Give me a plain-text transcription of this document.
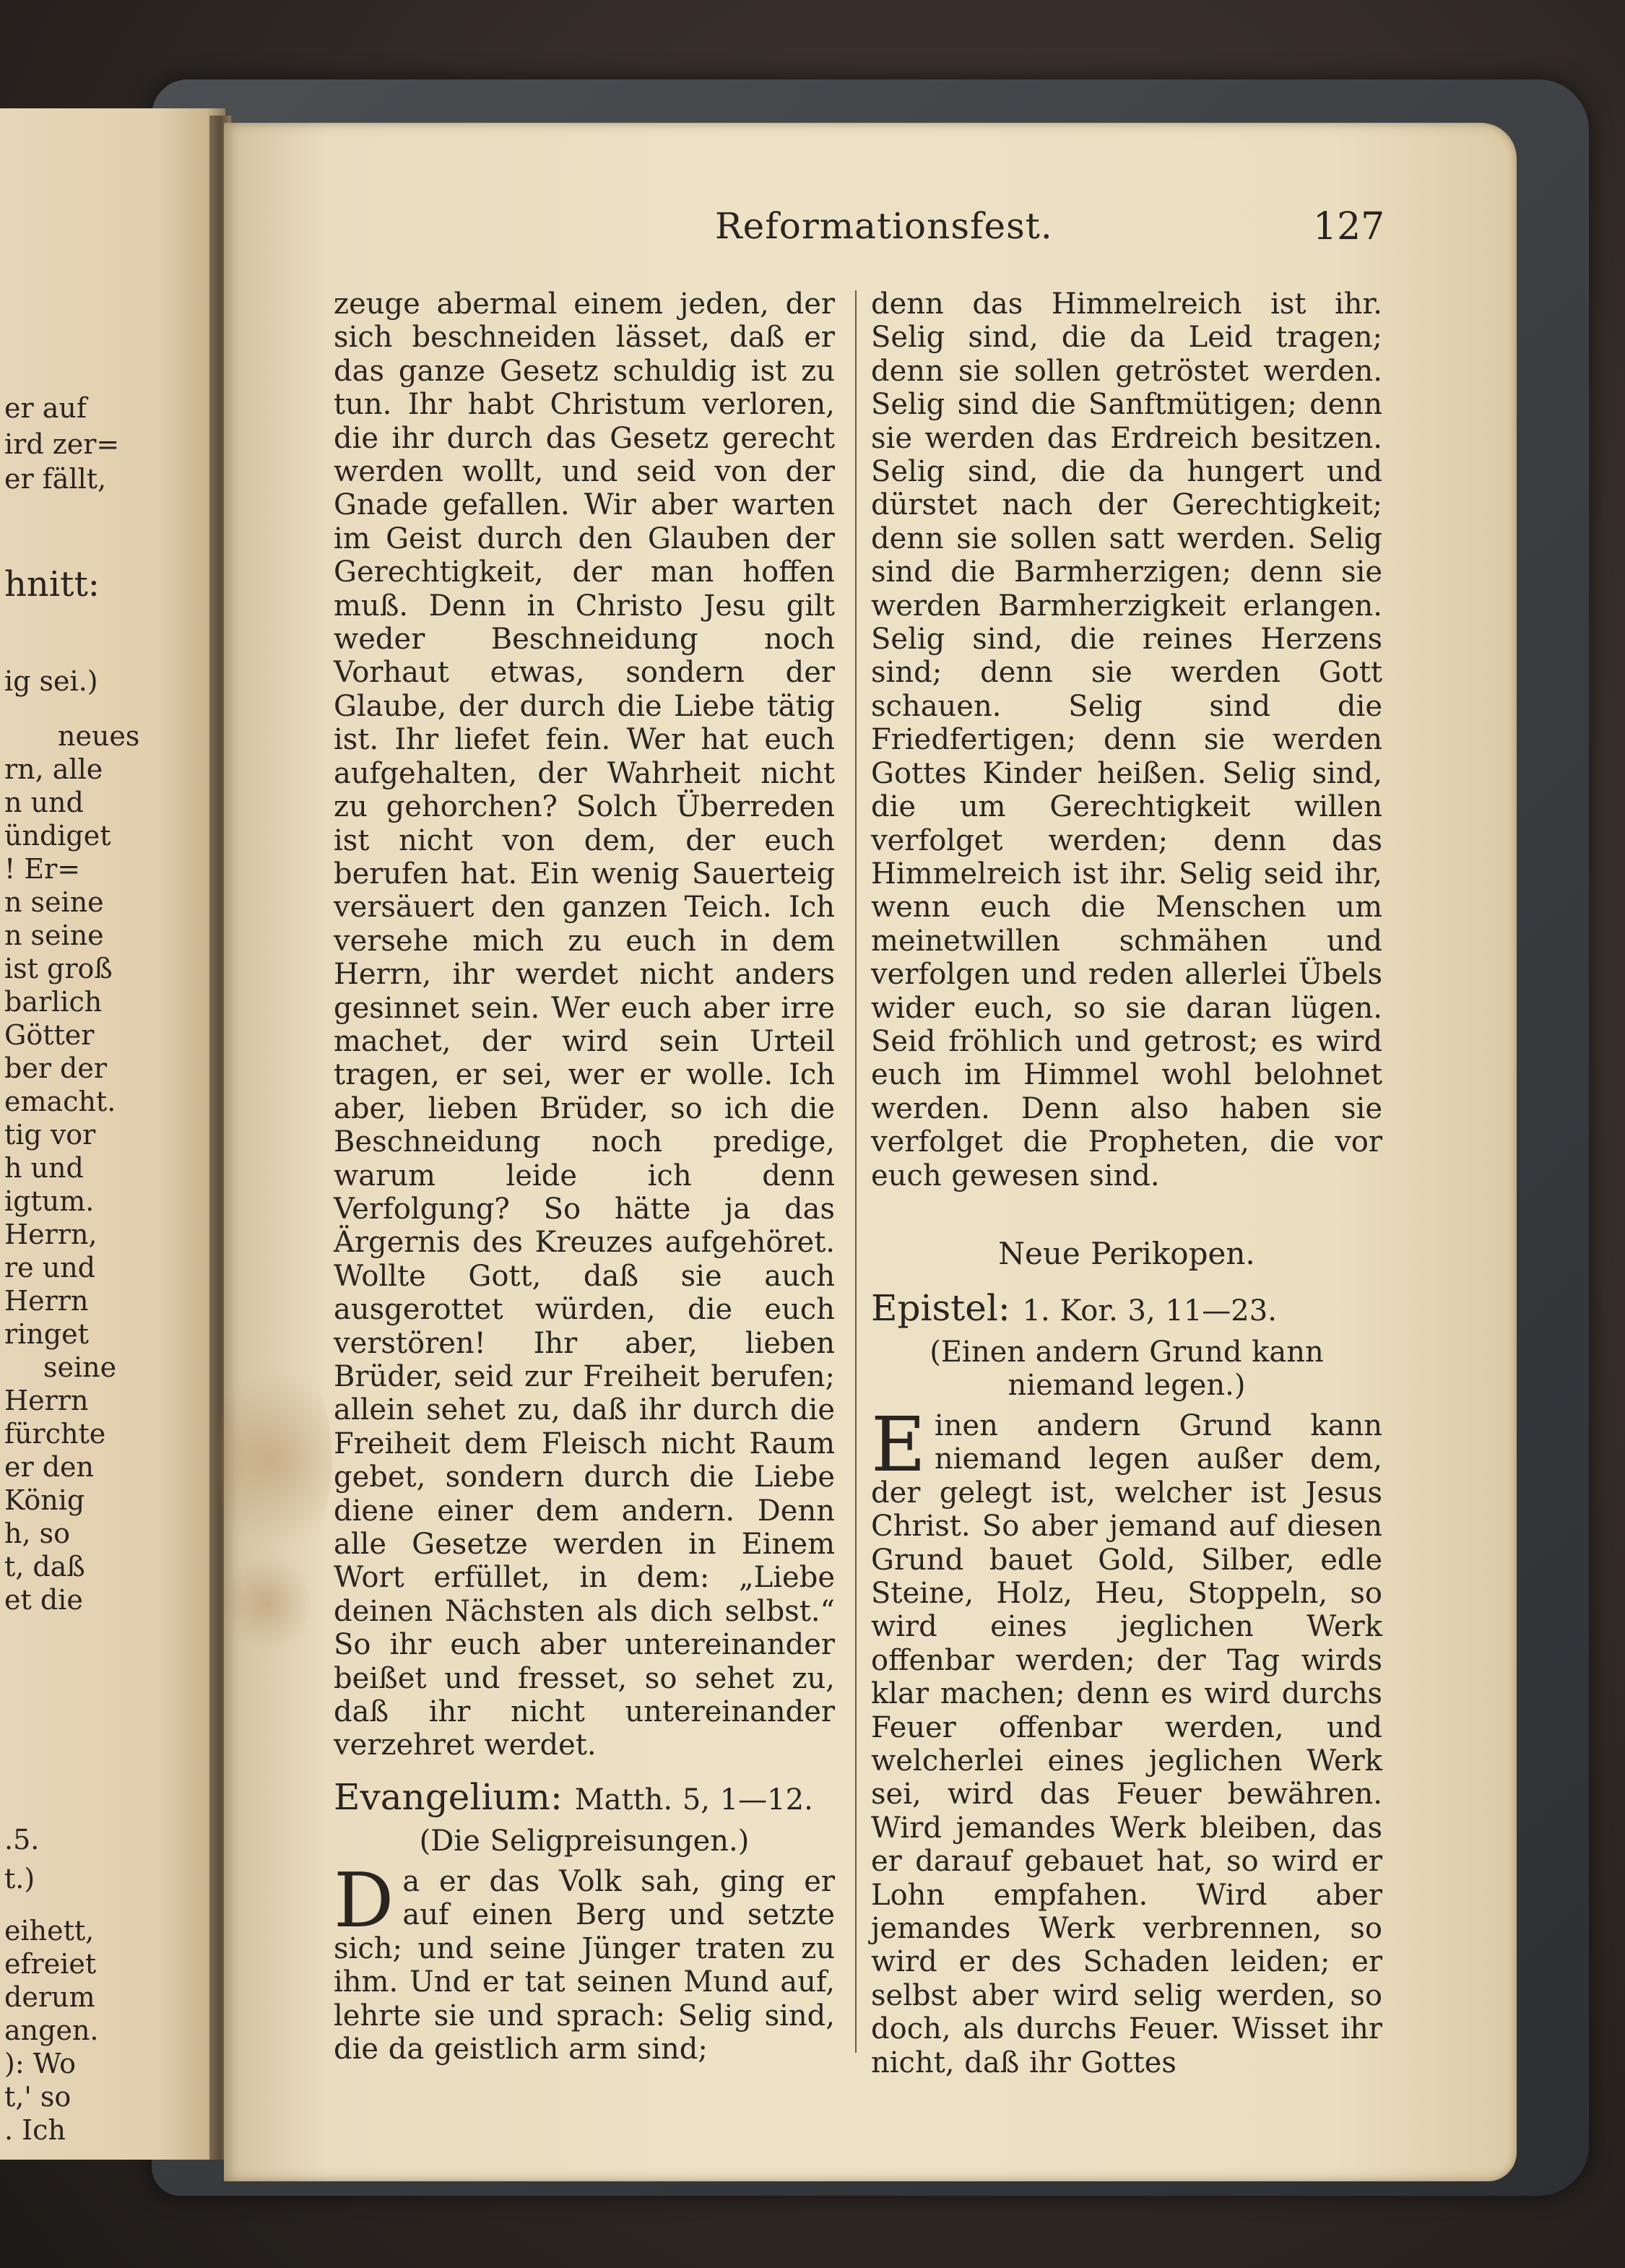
er auf
ird zer=
er fällt,
hnitt:
ig sei.)
neues
rn, alle
n und
ündiget
! Er=
n seine
n seine
ist groß
barlich
Götter
ber der
emacht.
tig vor
h und
igtum.
Herrn,
re und
Herrn
ringet
seine
Herrn
fürchte
er den
König
h, so
t, daß
et die
.5.
t.)
eihett,
efreiet
derum
angen.
): Wo
t,' so
. Ich
Reformationsfest.	127

zeuge abermal einem jeden, der sich beschneiden lässet, daß er das ganze Gesetz schuldig ist zu tun. Ihr habt Christum verloren, die ihr durch das Gesetz gerecht werden wollt, und seid von der Gnade gefallen. Wir aber warten im Geist durch den Glauben der Gerechtigkeit, der man hoffen muß. Denn in Christo Jesu gilt weder Beschneidung noch Vorhaut etwas, sondern der Glaube, der durch die Liebe tätig ist. Ihr liefet fein. Wer hat euch aufgehalten, der Wahrheit nicht zu gehorchen? Solch Überreden ist nicht von dem, der euch berufen hat. Ein wenig Sauerteig versäuert den ganzen Teich. Ich versehe mich zu euch in dem Herrn, ihr werdet nicht anders gesinnet sein. Wer euch aber irre machet, der wird sein Urteil tragen, er sei, wer er wolle. Ich aber, lieben Brüder, so ich die Beschneidung noch predige, warum leide ich denn Verfolgung? So hätte ja das Ärgernis des Kreuzes aufgehöret. Wollte Gott, daß sie auch ausgerottet würden, die euch verstören! Ihr aber, lieben Brüder, seid zur Freiheit berufen; allein sehet zu, daß ihr durch die Freiheit dem Fleisch nicht Raum gebet, sondern durch die Liebe diene einer dem andern. Denn alle Gesetze werden in Einem Wort erfüllet, in dem: „Liebe deinen Nächsten als dich selbst.“ So ihr euch aber untereinander beißet und fresset, so sehet zu, daß ihr nicht untereinander verzehret werdet.

Evangelium: Matth. 5, 1—12.
(Die Seligpreisungen.)

Da er das Volk sah, ging er auf einen Berg und setzte sich; und seine Jünger traten zu ihm. Und er tat seinen Mund auf, lehrte sie und sprach: Selig sind, die da geistlich arm sind;

denn das Himmelreich ist ihr. Selig sind, die da Leid tragen; denn sie sollen getröstet werden. Selig sind die Sanftmütigen; denn sie werden das Erdreich besitzen. Selig sind, die da hungert und dürstet nach der Gerechtigkeit; denn sie sollen satt werden. Selig sind die Barmherzigen; denn sie werden Barmherzigkeit erlangen. Selig sind, die reines Herzens sind; denn sie werden Gott schauen. Selig sind die Friedfertigen; denn sie werden Gottes Kinder heißen. Selig sind, die um Gerechtigkeit willen verfolget werden; denn das Himmelreich ist ihr. Selig seid ihr, wenn euch die Menschen um meinetwillen schmähen und verfolgen und reden allerlei Übels wider euch, so sie daran lügen. Seid fröhlich und getrost; es wird euch im Himmel wohl belohnet werden. Denn also haben sie verfolget die Propheten, die vor euch gewesen sind.

Neue Perikopen.
Epistel: 1. Kor. 3, 11—23.
(Einen andern Grund kann niemand legen.)

Einen andern Grund kann niemand legen außer dem, der gelegt ist, welcher ist Jesus Christ. So aber jemand auf diesen Grund bauet Gold, Silber, edle Steine, Holz, Heu, Stoppeln, so wird eines jeglichen Werk offenbar werden; der Tag wirds klar machen; denn es wird durchs Feuer offenbar werden, und welcherlei eines jeglichen Werk sei, wird das Feuer bewähren. Wird jemandes Werk bleiben, das er darauf gebauet hat, so wird er Lohn empfahen. Wird aber jemandes Werk verbrennen, so wird er des Schaden leiden; er selbst aber wird selig werden, so doch, als durchs Feuer. Wisset ihr nicht, daß ihr Gottes
